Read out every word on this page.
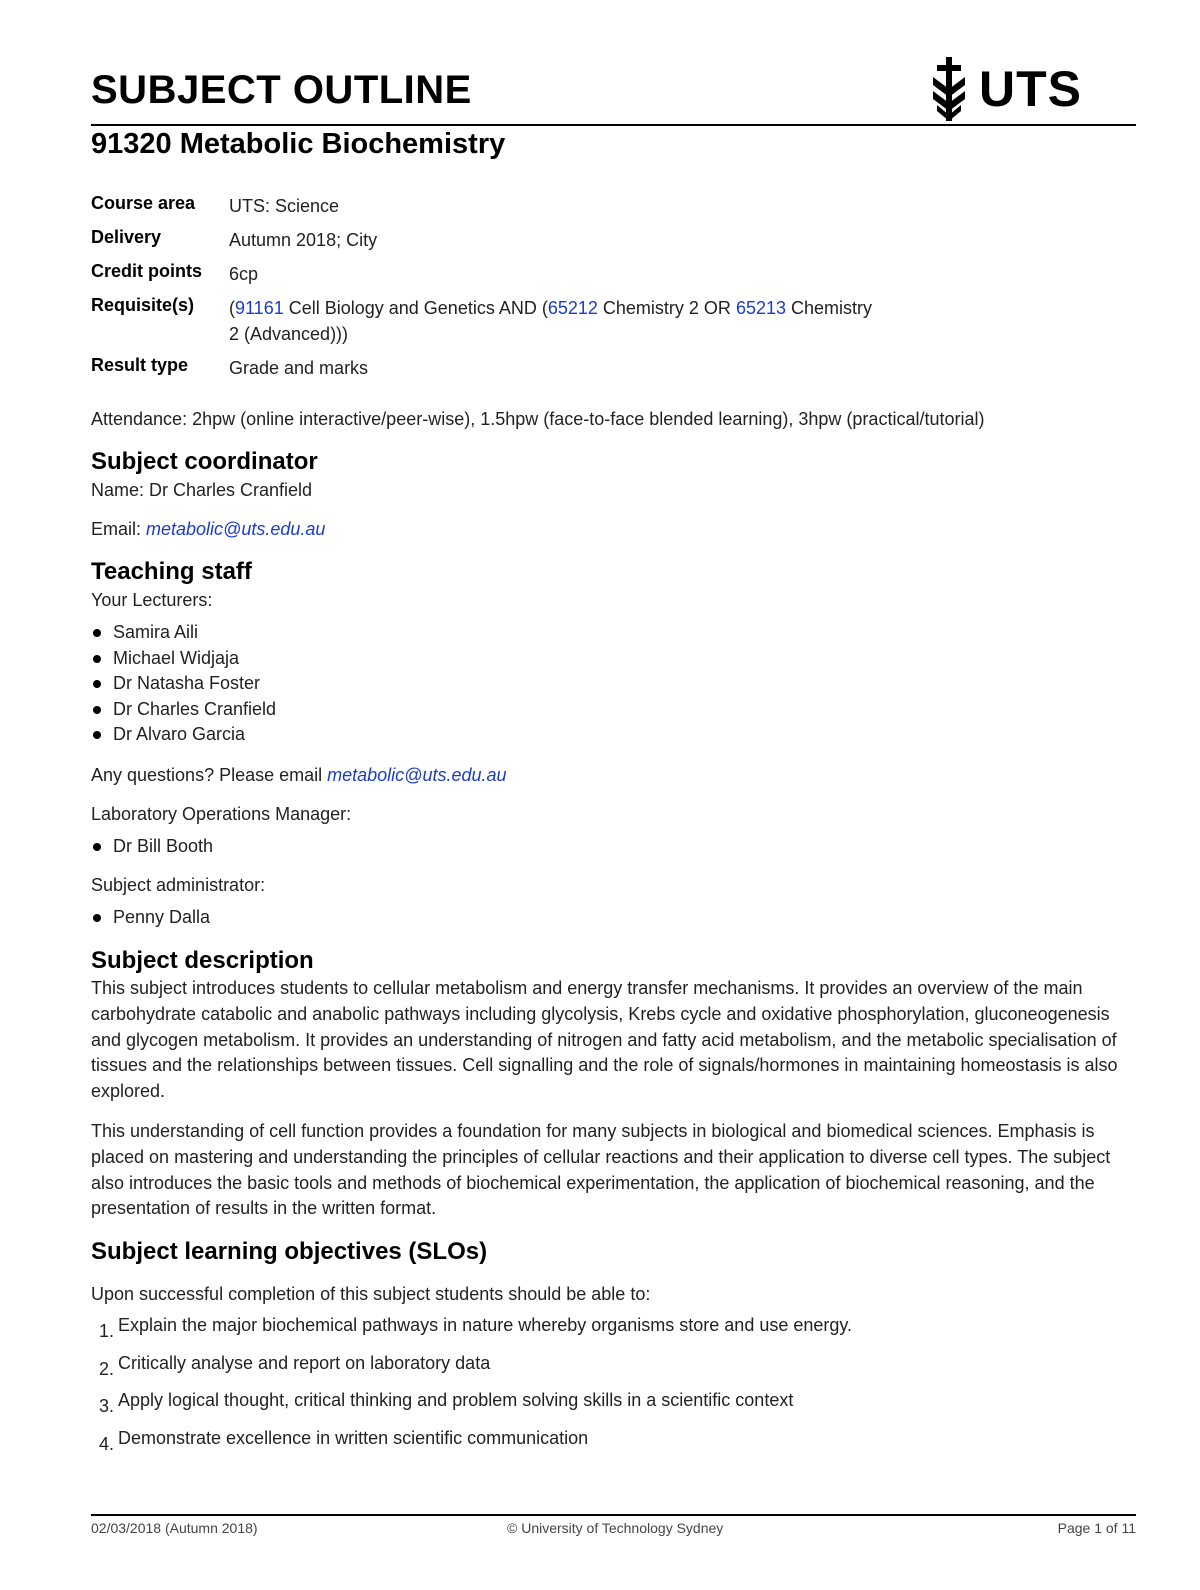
SUBJECT OUTLINE	UTS
91320 Metabolic Biochemistry
Course area	UTS: Science
Delivery	Autumn 2018; City
Credit points	6cp
Requisite(s)	(91161 Cell Biology and Genetics AND (65212 Chemistry 2 OR 65213 Chemistry
2 (Advanced)))
Result type	Grade and marks
Attendance: 2hpw (online interactive/peer-wise), 1.5hpw (face-to-face blended learning), 3hpw (practical/tutorial)
Subject coordinator
Name: Dr Charles Cranfield
Email: metabolic@uts.edu.au
Teaching staff
Your Lecturers:
Samira Aili
Michael Widjaja
Dr Natasha Foster
Dr Charles Cranfield
Dr Alvaro Garcia
Any questions? Please email metabolic@uts.edu.au
Laboratory Operations Manager:
Dr Bill Booth
Subject administrator:
Penny Dalla
Subject description

This subject introduces students to cellular metabolism and energy transfer mechanisms. It provides an overview of the main carbohydrate catabolic and anabolic pathways including glycolysis, Krebs cycle and oxidative phosphorylation, gluconeogenesis and glycogen metabolism. It provides an understanding of nitrogen and fatty acid metabolism, and the metabolic specialisation of tissues and the relationships between tissues. Cell signalling and the role of signals/hormones in maintaining homeostasis is also explored.

This understanding of cell function provides a foundation for many subjects in biological and biomedical sciences. Emphasis is placed on mastering and understanding the principles of cellular reactions and their application to diverse cell types. The subject also introduces the basic tools and methods of biochemical experimentation, the application of biochemical reasoning, and the presentation of results in the written format.

Subject learning objectives (SLOs)
Upon successful completion of this subject students should be able to:
1. Explain the major biochemical pathways in nature whereby organisms store and use energy.
2. Critically analyse and report on laboratory data
3. Apply logical thought, critical thinking and problem solving skills in a scientific context
4. Demonstrate excellence in written scientific communication
02/03/2018 (Autumn 2018)	© University of Technology Sydney	Page 1 of 11
